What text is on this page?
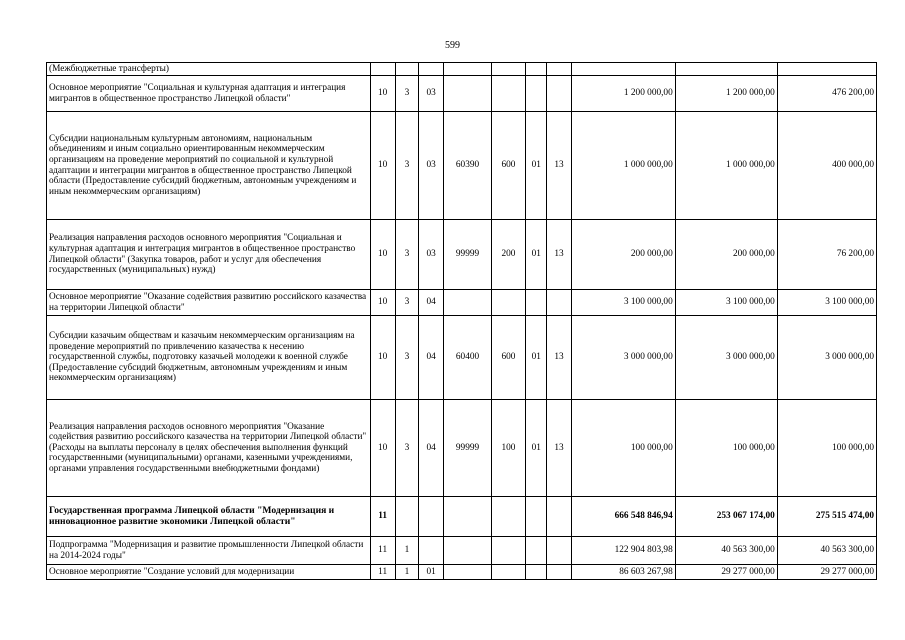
599
(Межбюджетные трансферты)										
Основное мероприятие "Социальная и культурная адаптация и интеграция мигрантов в общественное пространство Липецкой области"	10	3	03					1 200 000,00	1 200 000,00	476 200,00
Субсидии национальным культурным автономиям, национальным объединениям и иным социально ориентированным некоммерческим организациям на проведение мероприятий по социальной и культурной адаптации и интеграции мигрантов в общественное пространство Липецкой области (Предоставление субсидий бюджетным, автономным учреждениям и иным некоммерческим организациям)	10	3	03	60390	600	01	13	1 000 000,00	1 000 000,00	400 000,00
Реализация направления расходов основного мероприятия "Социальная и культурная адаптация и интеграция мигрантов в общественное пространство Липецкой области" (Закупка товаров, работ и услуг для обеспечения государственных (муниципальных) нужд)	10	3	03	99999	200	01	13	200 000,00	200 000,00	76 200,00
Основное мероприятие "Оказание содействия развитию российского казачества на территории Липецкой области"	10	3	04					3 100 000,00	3 100 000,00	3 100 000,00
Субсидии казачьим обществам и казачьим некоммерческим организациям на проведение мероприятий по привлечению казачества к несению государственной службы, подготовку казачьей молодежи к военной службе (Предоставление субсидий бюджетным, автономным учреждениям и иным некоммерческим организациям)	10	3	04	60400	600	01	13	3 000 000,00	3 000 000,00	3 000 000,00
Реализация направления расходов основного мероприятия "Оказание содействия развитию российского казачества на территории Липецкой области" (Расходы на выплаты персоналу в целях обеспечения выполнения функций государственными (муниципальными) органами, казенными учреждениями, органами управления государственными внебюджетными фондами)	10	3	04	99999	100	01	13	100 000,00	100 000,00	100 000,00
Государственная программа Липецкой области "Модернизация и инновационное развитие экономики Липецкой области"	11							666 548 846,94	253 067 174,00	275 515 474,00
Подпрограмма "Модернизация и развитие промышленности Липецкой области на 2014-2024 годы"	11	1						122 904 803,98	40 563 300,00	40 563 300,00
Основное мероприятие "Создание условий для модернизации	11	1	01					86 603 267,98	29 277 000,00	29 277 000,00
